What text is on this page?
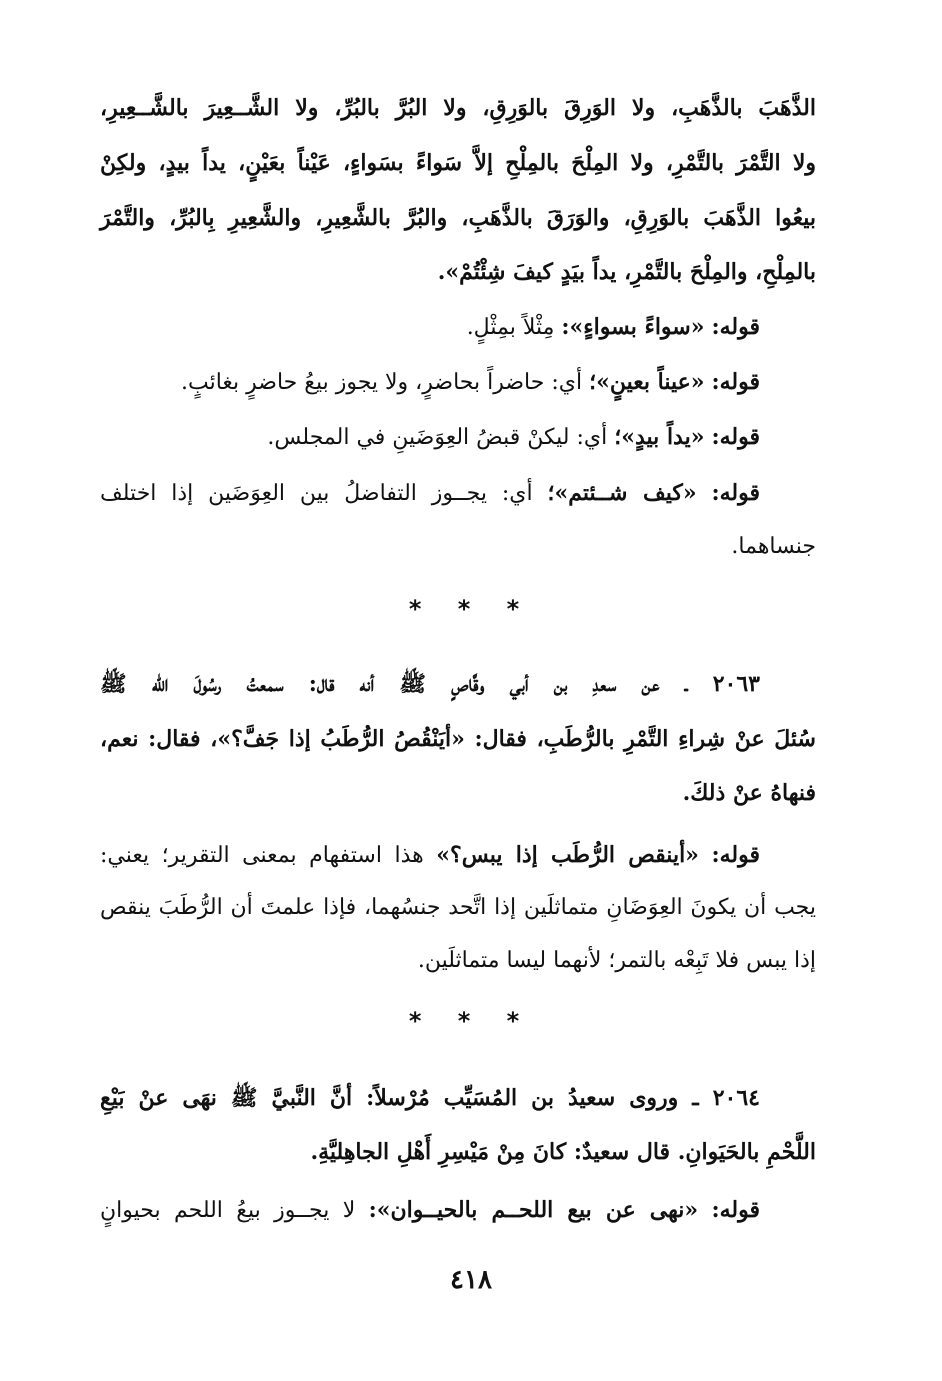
الذَّهَبَ بالذَّهَبِ، ولا الوَرِقَ بالوَرِقِ، ولا البُرَّ بالبُرِّ، ولا الشَّــعِيرَ بالشَّــعِيرِ،
ولا التَّمْرَ بالتَّمْرِ، ولا المِلْحَ بالمِلْحِ إلاَّ سَواءً بسَواءٍ، عَيْناً بعَيْنٍ، يداً بيدٍ، ولكِنْ
بيعُوا الذَّهَبَ بالوَرِقِ، والوَرَقَ بالذَّهَبِ، والبُرَّ بالشَّعِيرِ، والشَّعِيرِ بِالبُرِّ، والتَّمْرَ
بالمِلْحِ، والمِلْحَ بالتَّمْرِ، يداً بيَدٍ كيفَ شِئْتُمْ».
قوله: «سواءً بسواءٍ»: مِثْلاً بمِثْلٍ.
قوله: «عيناً بعينٍ»؛ أي: حاضراً بحاضرٍ، ولا يجوز بيعُ حاضرٍ بغائبٍ.
قوله: «يداً بيدٍ»؛ أي: ليكنْ قبضُ العِوَضَينِ في المجلس.
قوله: «كيف شــئتم»؛ أي: يجــوز التفاضلُ بين العِوَضَين إذا اختلف
جنساهما.
* * *
٢٠٦٣ ـ عن سعدِ بن أبي وقَّاصٍ ﷺ أنه قال: سمعتُ رسُولَ الله ﷺ
سُئلَ عنْ شِراءِ التَّمْرِ بالرُّطَبِ، فقال: «أيَنْقُصُ الرُّطَبُ إذا جَفَّ؟»، فقال: نعم،
فنهاهُ عنْ ذلكَ.
قوله: «أينقص الرُّطَب إذا يبس؟» هذا استفهام بمعنى التقرير؛ يعني:
يجب أن يكونَ العِوَضَانِ متماثلَين إذا اتَّحد جنسُهما، فإذا علمتَ أن الرُّطَبَ ينقص
إذا يبس فلا تَبِعْه بالتمر؛ لأنهما ليسا متماثلَين.
* * *
٢٠٦٤ ـ وروى سعيدُ بن المُسَيِّب مُرْسلاً: أنَّ النَّبيَّ ﷺ نهَى عنْ بَيْعِ
اللَّحْمِ بالحَيَوانِ. قال سعيدٌ: كانَ مِنْ مَيْسِرِ أَهْلِ الجاهِليَّةِ.
قوله: «نهى عن بيع اللحــم بالحيــوان»: لا يجــوز بيعُ اللحم بحيوانٍ
٤١٨
